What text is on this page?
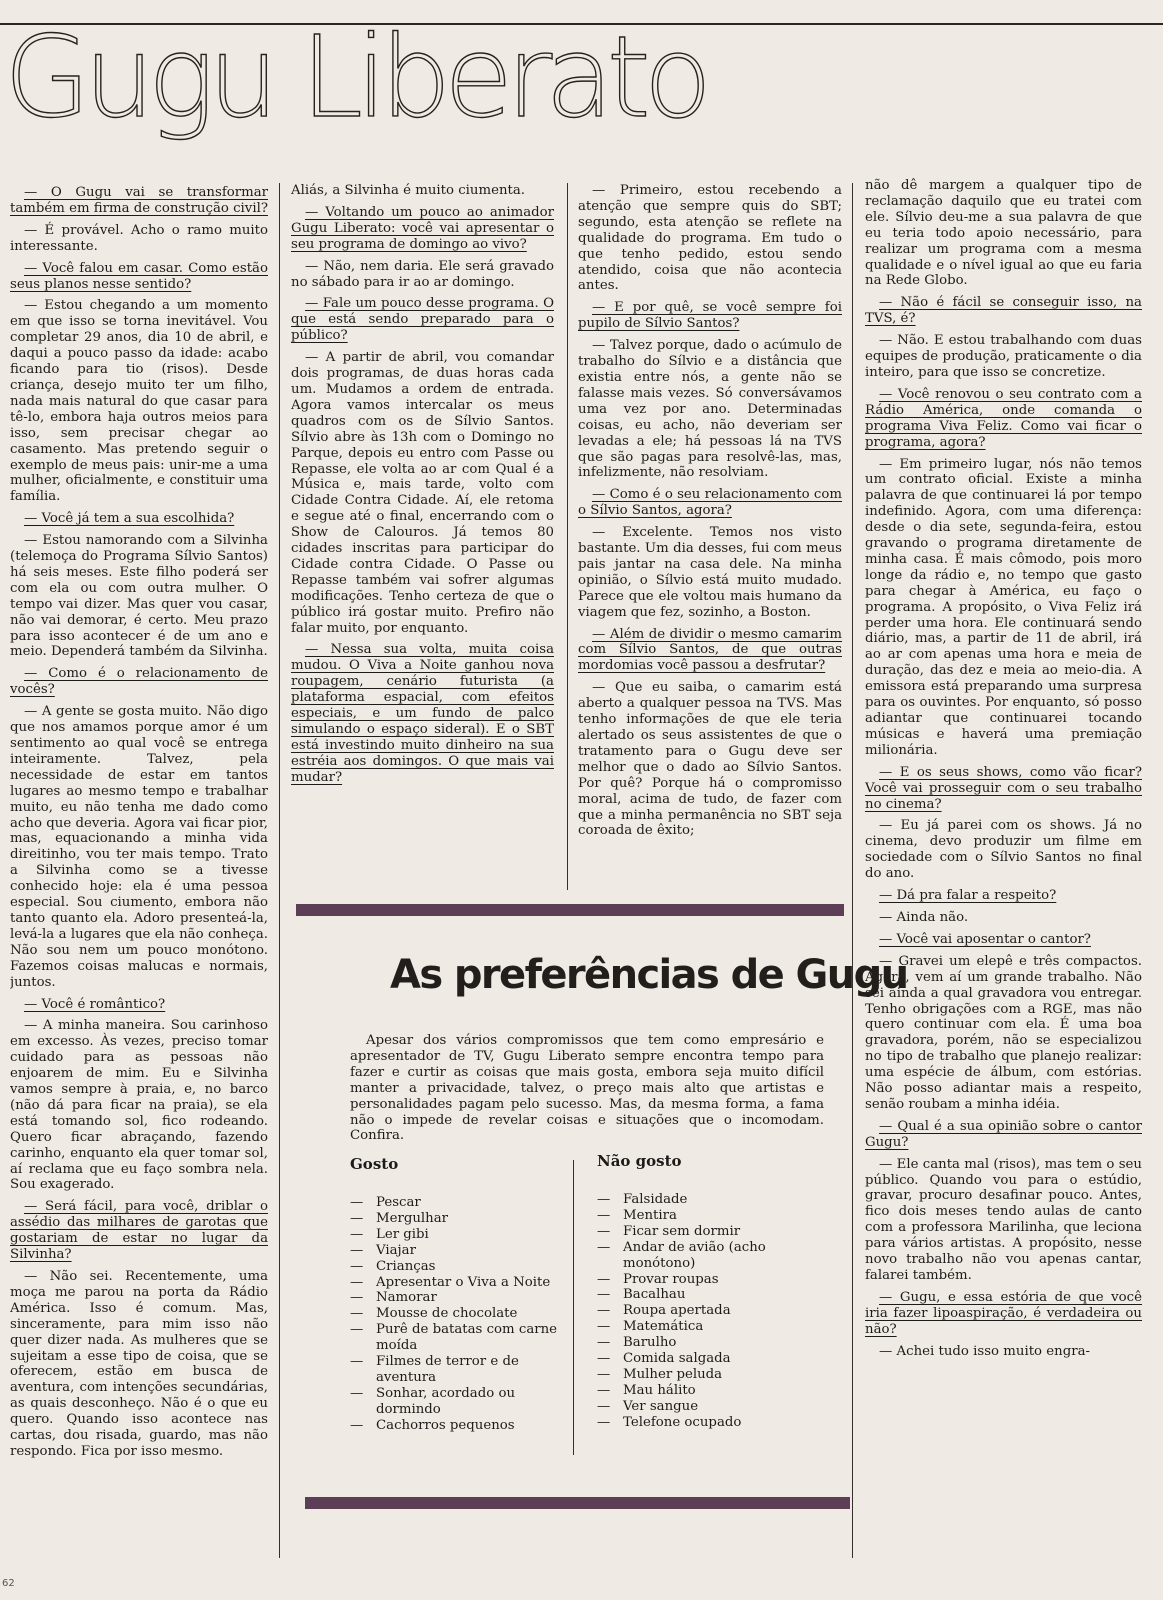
Gugu Liberato

— O Gugu vai se transformar também em firma de construção civil?

— É provável. Acho o ramo muito interessante.

— Você falou em casar. Como estão seus planos nesse sentido?

— Estou chegando a um momento em que isso se torna inevitável. Vou completar 29 anos, dia 10 de abril, e daqui a pouco passo da idade: acabo ficando para tio (risos). Desde criança, desejo muito ter um filho, nada mais natural do que casar para tê-lo, embora haja outros meios para isso, sem precisar chegar ao casamento. Mas pretendo seguir o exemplo de meus pais: unir-me a uma mulher, oficialmente, e constituir uma família.

— Você já tem a sua escolhida?

— Estou namorando com a Silvinha (telemoça do Programa Sílvio Santos) há seis meses. Este filho poderá ser com ela ou com outra mulher. O tempo vai dizer. Mas quer vou casar, não vai demorar, é certo. Meu prazo para isso acontecer é de um ano e meio. Dependerá também da Silvinha.

— Como é o relacionamento de vocês?

— A gente se gosta muito. Não digo que nos amamos porque amor é um sentimento ao qual você se entrega inteiramente. Talvez, pela necessidade de estar em tantos lugares ao mesmo tempo e trabalhar muito, eu não tenha me dado como acho que deveria. Agora vai ficar pior, mas, equacionando a minha vida direitinho, vou ter mais tempo. Trato a Silvinha como se a tivesse conhecido hoje: ela é uma pessoa especial. Sou ciumento, embora não tanto quanto ela. Adoro presenteá-la, levá-la a lugares que ela não conheça. Não sou nem um pouco monótono. Fazemos coisas malucas e normais, juntos.

— Você é romântico?

— A minha maneira. Sou carinhoso em excesso. Às vezes, preciso tomar cuidado para as pessoas não enjoarem de mim. Eu e Silvinha vamos sempre à praia, e, no barco (não dá para ficar na praia), se ela está tomando sol, fico rodeando. Quero ficar abraçando, fazendo carinho, enquanto ela quer tomar sol, aí reclama que eu faço sombra nela. Sou exagerado.

— Será fácil, para você, driblar o assédio das milhares de garotas que gostariam de estar no lugar da Silvinha?

— Não sei. Recentemente, uma moça me parou na porta da Rádio América. Isso é comum. Mas, sinceramente, para mim isso não quer dizer nada. As mulheres que se sujeitam a esse tipo de coisa, que se oferecem, estão em busca de aventura, com intenções secundárias, as quais desconheço. Não é o que eu quero. Quando isso acontece nas cartas, dou risada, guardo, mas não respondo. Fica por isso mesmo.

Aliás, a Silvinha é muito ciumenta.

— Voltando um pouco ao animador Gugu Liberato: você vai apresentar o seu programa de domingo ao vivo?

— Não, nem daria. Ele será gravado no sábado para ir ao ar domingo.

— Fale um pouco desse programa. O que está sendo preparado para o público?

— A partir de abril, vou comandar dois programas, de duas horas cada um. Mudamos a ordem de entrada. Agora vamos intercalar os meus quadros com os de Sílvio Santos. Sílvio abre às 13h com o Domingo no Parque, depois eu entro com Passe ou Repasse, ele volta ao ar com Qual é a Música e, mais tarde, volto com Cidade Contra Cidade. Aí, ele retoma e segue até o final, encerrando com o Show de Calouros. Já temos 80 cidades inscritas para participar do Cidade contra Cidade. O Passe ou Repasse também vai sofrer algumas modificações. Tenho certeza de que o público irá gostar muito. Prefiro não falar muito, por enquanto.

— Nessa sua volta, muita coisa mudou. O Viva a Noite ganhou nova roupagem, cenário futurista (a plataforma espacial, com efeitos especiais, e um fundo de palco simulando o espaço sideral). E o SBT está investindo muito dinheiro na sua estréia aos domingos. O que mais vai mudar?

— Primeiro, estou recebendo a atenção que sempre quis do SBT; segundo, esta atenção se reflete na qualidade do programa. Em tudo o que tenho pedido, estou sendo atendido, coisa que não acontecia antes.

— E por quê, se você sempre foi pupilo de Sílvio Santos?

— Talvez porque, dado o acúmulo de trabalho do Sílvio e a distância que existia entre nós, a gente não se falasse mais vezes. Só conversávamos uma vez por ano. Determinadas coisas, eu acho, não deveriam ser levadas a ele; há pessoas lá na TVS que são pagas para resolvê-las, mas, infelizmente, não resolviam.

— Como é o seu relacionamento com o Sílvio Santos, agora?

— Excelente. Temos nos visto bastante. Um dia desses, fui com meus pais jantar na casa dele. Na minha opinião, o Sílvio está muito mudado. Parece que ele voltou mais humano da viagem que fez, sozinho, a Boston.

— Além de dividir o mesmo camarim com Sílvio Santos, de que outras mordomias você passou a desfrutar?

— Que eu saiba, o camarim está aberto a qualquer pessoa na TVS. Mas tenho informações de que ele teria alertado os seus assistentes de que o tratamento para o Gugu deve ser melhor que o dado ao Sílvio Santos. Por quê? Porque há o compromisso moral, acima de tudo, de fazer com que a minha permanência no SBT seja coroada de êxito;

não dê margem a qualquer tipo de reclamação daquilo que eu tratei com ele. Sílvio deu-me a sua palavra de que eu teria todo apoio necessário, para realizar um programa com a mesma qualidade e o nível igual ao que eu faria na Rede Globo.

— Não é fácil se conseguir isso, na TVS, é?

— Não. E estou trabalhando com duas equipes de produção, praticamente o dia inteiro, para que isso se concretize.

— Você renovou o seu contrato com a Rádio América, onde comanda o programa Viva Feliz. Como vai ficar o programa, agora?

— Em primeiro lugar, nós não temos um contrato oficial. Existe a minha palavra de que continuarei lá por tempo indefinido. Agora, com uma diferença: desde o dia sete, segunda-feira, estou gravando o programa diretamente de minha casa. É mais cômodo, pois moro longe da rádio e, no tempo que gasto para chegar à América, eu faço o programa. A propósito, o Viva Feliz irá perder uma hora. Ele continuará sendo diário, mas, a partir de 11 de abril, irá ao ar com apenas uma hora e meia de duração, das dez e meia ao meio-dia. A emissora está preparando uma surpresa para os ouvintes. Por enquanto, só posso adiantar que continuarei tocando músicas e haverá uma premiação milionária.

— E os seus shows, como vão ficar? Você vai prosseguir com o seu trabalho no cinema?

— Eu já parei com os shows. Já no cinema, devo produzir um filme em sociedade com o Sílvio Santos no final do ano.

— Dá pra falar a respeito?

— Ainda não.

— Você vai aposentar o cantor?

— Gravei um elepê e três compactos. Agora, vem aí um grande trabalho. Não sei ainda a qual gravadora vou entregar. Tenho obrigações com a RGE, mas não quero continuar com ela. É uma boa gravadora, porém, não se especializou no tipo de trabalho que planejo realizar: uma espécie de álbum, com estórias. Não posso adiantar mais a respeito, senão roubam a minha idéia.

— Qual é a sua opinião sobre o cantor Gugu?

— Ele canta mal (risos), mas tem o seu público. Quando vou para o estúdio, gravar, procuro desafinar pouco. Antes, fico dois meses tendo aulas de canto com a professora Marilinha, que leciona para vários artistas. A propósito, nesse novo trabalho não vou apenas cantar, falarei também.

— Gugu, e essa estória de que você iria fazer lipoaspiração, é verdadeira ou não?

— Achei tudo isso muito engra-

As preferências de Gugu

Apesar dos vários compromissos que tem como empresário e apresentador de TV, Gugu Liberato sempre encontra tempo para fazer e curtir as coisas que mais gosta, embora seja muito difícil manter a privacidade, talvez, o preço mais alto que artistas e personalidades pagam pelo sucesso. Mas, da mesma forma, a fama não o impede de revelar coisas e situações que o incomodam. Confira.

Gosto
— Pescar
— Mergulhar
— Ler gibi
— Viajar
— Crianças
— Apresentar o Viva a Noite
— Namorar
— Mousse de chocolate
— Purê de batatas com carne moída
— Filmes de terror e de aventura
— Sonhar, acordado ou dormindo
— Cachorros pequenos
Não gosto
— Falsidade
— Mentira
— Ficar sem dormir
— Andar de avião (acho monótono)
— Provar roupas
— Bacalhau
— Roupa apertada
— Matemática
— Barulho
— Comida salgada
— Mulher peluda
— Mau hálito
— Ver sangue
— Telefone ocupado
62
